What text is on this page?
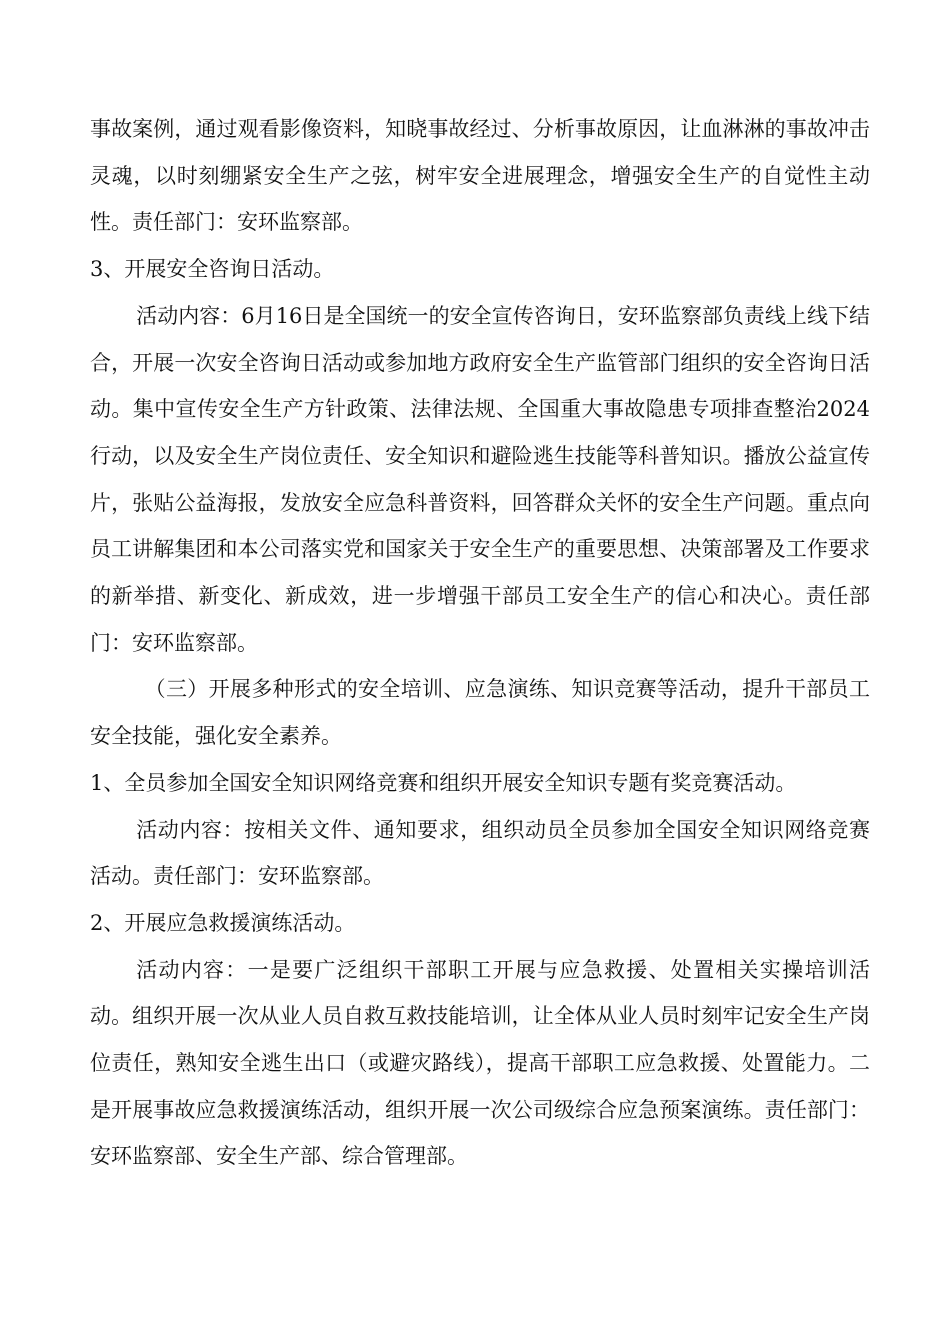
事故案例，通过观看影像资料，知晓事故经过、分析事故原因，让血淋淋的事故冲击灵魂，以时刻绷紧安全生产之弦，树牢安全进展理念，增强安全生产的自觉性主动性。责任部门：安环监察部。

3、开展安全咨询日活动。

活动内容：6月16日是全国统一的安全宣传咨询日，安环监察部负责线上线下结合，开展一次安全咨询日活动或参加地方政府安全生产监管部门组织的安全咨询日活动。集中宣传安全生产方针政策、法律法规、全国重大事故隐患专项排查整治2024行动，以及安全生产岗位责任、安全知识和避险逃生技能等科普知识。播放公益宣传片，张贴公益海报，发放安全应急科普资料，回答群众关怀的安全生产问题。重点向员工讲解集团和本公司落实党和国家关于安全生产的重要思想、决策部署及工作要求的新举措、新变化、新成效，进一步增强干部员工安全生产的信心和决心。责任部门：安环监察部。

（三）开展多种形式的安全培训、应急演练、知识竞赛等活动，提升干部员工安全技能，强化安全素养。

1、全员参加全国安全知识网络竞赛和组织开展安全知识专题有奖竞赛活动。

活动内容：按相关文件、通知要求，组织动员全员参加全国安全知识网络竞赛活动。责任部门：安环监察部。

2、开展应急救援演练活动。

活动内容：一是要广泛组织干部职工开展与应急救援、处置相关实操培训活动。组织开展一次从业人员自救互救技能培训，让全体从业人员时刻牢记安全生产岗位责任，熟知安全逃生出口（或避灾路线），提高干部职工应急救援、处置能力。二是开展事故应急救援演练活动，组织开展一次公司级综合应急预案演练。责任部门：安环监察部、安全生产部、综合管理部。
